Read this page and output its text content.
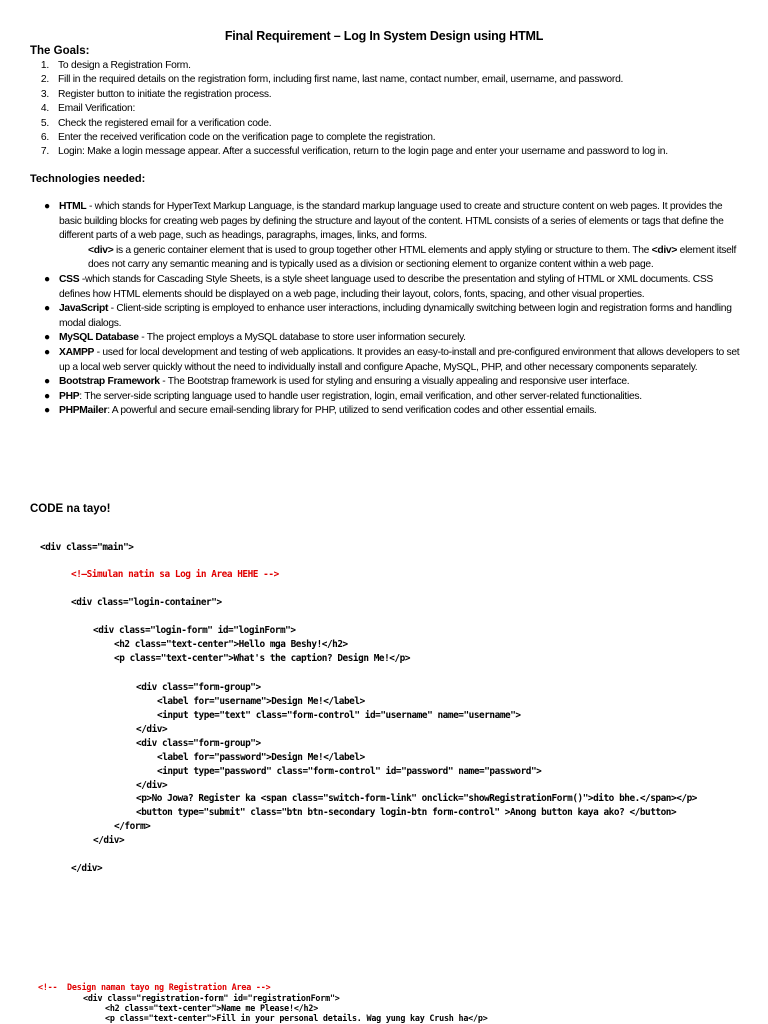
Final Requirement – Log In System Design using HTML
The Goals:
1. To design a Registration Form.
2. Fill in the required details on the registration form, including first name, last name, contact number, email, username, and password.
3. Register button to initiate the registration process.
4. Email Verification:
5. Check the registered email for a verification code.
6. Enter the received verification code on the verification page to complete the registration.
7. Login: Make a login message appear. After a successful verification, return to the login page and enter your username and password to log in.
Technologies needed:
● HTML - which stands for HyperText Markup Language, is the standard markup language used to create and structure content on web pages. It provides the basic building blocks for creating web pages by defining the structure and layout of the content. HTML consists of a series of elements or tags that define the different parts of a web page, such as headings, paragraphs, images, links, and forms.
<div> is a generic container element that is used to group together other HTML elements and apply styling or structure to them. The <div> element itself does not carry any semantic meaning and is typically used as a division or sectioning element to organize content within a web page.
● CSS -which stands for Cascading Style Sheets, is a style sheet language used to describe the presentation and styling of HTML or XML documents. CSS defines how HTML elements should be displayed on a web page, including their layout, colors, fonts, spacing, and other visual properties.
● JavaScript - Client-side scripting is employed to enhance user interactions, including dynamically switching between login and registration forms and handling modal dialogs.
● MySQL Database - The project employs a MySQL database to store user information securely.
● XAMPP - used for local development and testing of web applications. It provides an easy-to-install and pre-configured environment that allows developers to set up a local web server quickly without the need to individually install and configure Apache, MySQL, PHP, and other necessary components separately.
● Bootstrap Framework - The Bootstrap framework is used for styling and ensuring a visually appealing and responsive user interface.
● PHP: The server-side scripting language used to handle user registration, login, email verification, and other server-related functionalities.
● PHPMailer: A powerful and secure email-sending library for PHP, utilized to send verification codes and other essential emails.
CODE na tayo!
<div class="main">
<!—Simulan natin sa Log in Area HEHE -->
<div class="login-container">
<div class="login-form" id="loginForm">
<h2 class="text-center">Hello mga Beshy!</h2>
<p class="text-center">What's the caption? Design Me!</p>
<div class="form-group">
<label for="username">Design Me!</label>
<input type="text" class="form-control" id="username" name="username">
</div>
<div class="form-group">
<label for="password">Design Me!</label>
<input type="password" class="form-control" id="password" name="password">
</div>
<p>No Jowa? Register ka <span class="switch-form-link" onclick="showRegistrationForm()">dito bhe.</span></p>
<button type="submit" class="btn btn-secondary login-btn form-control" >Anong button kaya ako? </button>
</form>
</div>
</div>
<!--  Design naman tayo ng Registration Area -->
<div class="registration-form" id="registrationForm">
<h2 class="text-center">Name me Please!</h2>
<p class="text-center">Fill in your personal details. Wag yung kay Crush ha</p>
